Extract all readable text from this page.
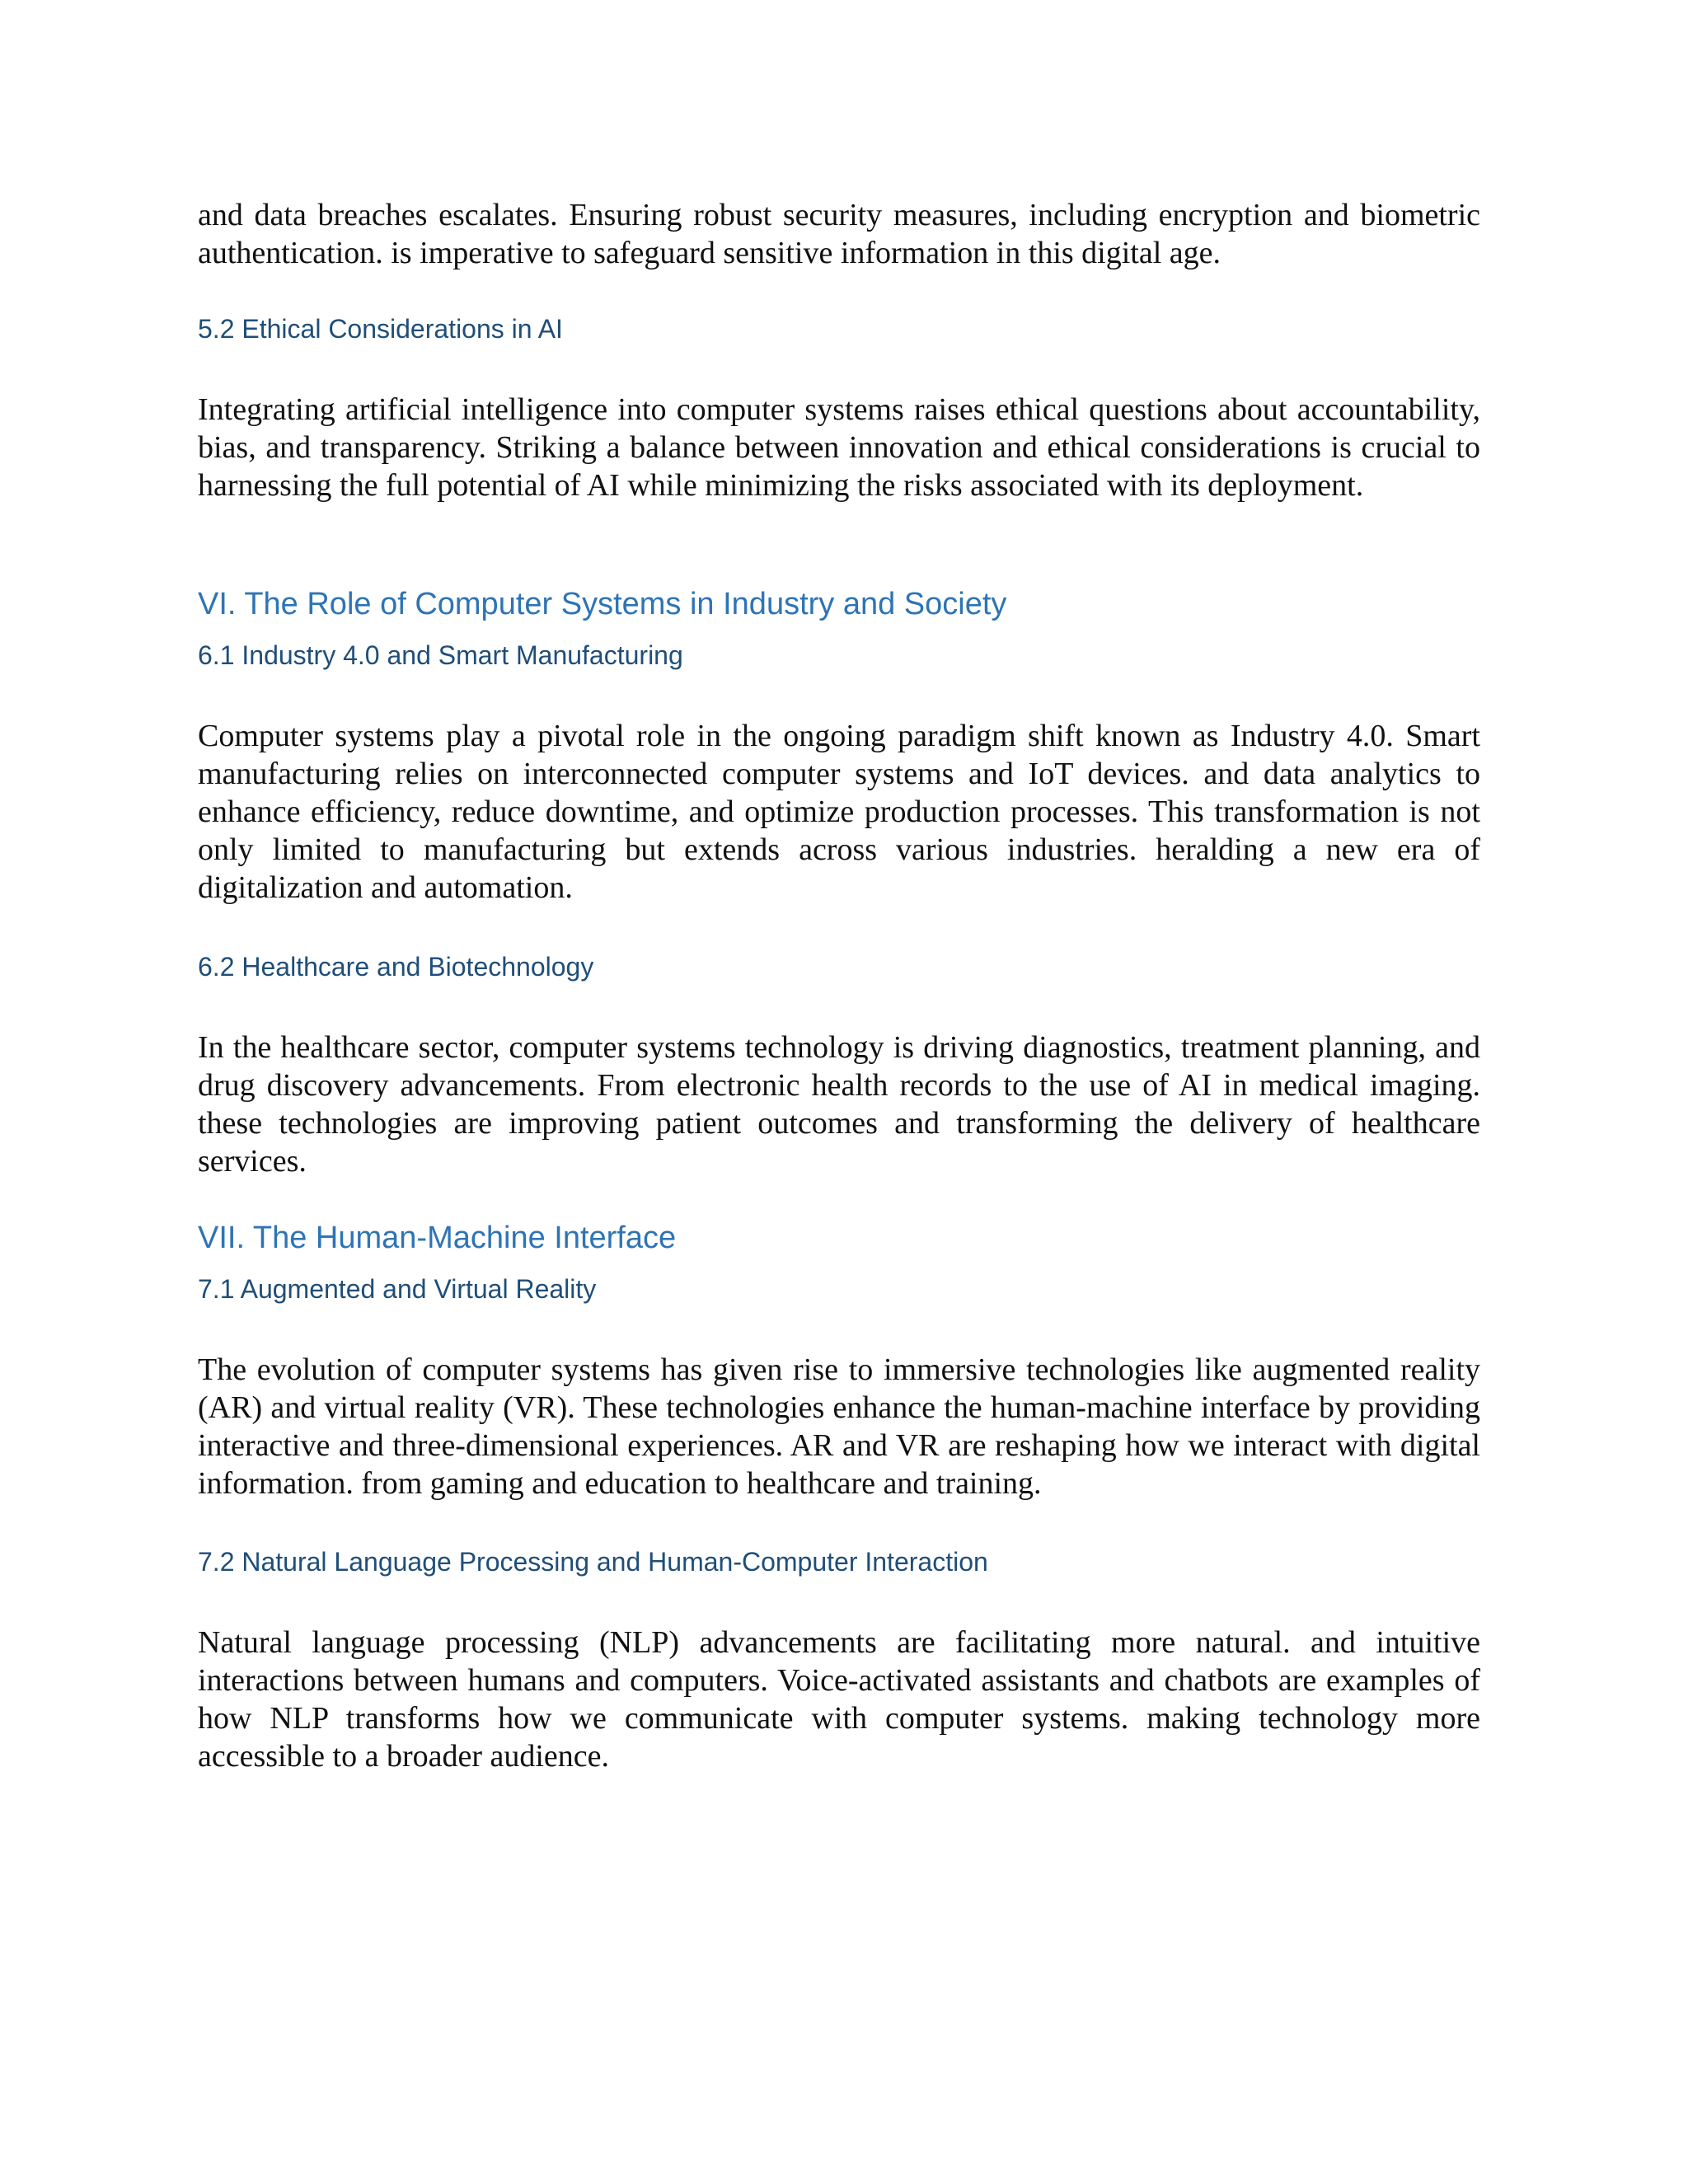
and data breaches escalates. Ensuring robust security measures, including encryption and biometric authentication. is imperative to safeguard sensitive information in this digital age.

5.2 Ethical Considerations in AI

Integrating artificial intelligence into computer systems raises ethical questions about accountability, bias, and transparency. Striking a balance between innovation and ethical considerations is crucial to harnessing the full potential of AI while minimizing the risks associated with its deployment.

VI. The Role of Computer Systems in Industry and Society
6.1 Industry 4.0 and Smart Manufacturing

Computer systems play a pivotal role in the ongoing paradigm shift known as Industry 4.0. Smart manufacturing relies on interconnected computer systems and IoT devices. and data analytics to enhance efficiency, reduce downtime, and optimize production processes. This transformation is not only limited to manufacturing but extends across various industries. heralding a new era of digitalization and automation.

6.2 Healthcare and Biotechnology

In the healthcare sector, computer systems technology is driving diagnostics, treatment planning, and drug discovery advancements. From electronic health records to the use of AI in medical imaging. these technologies are improving patient outcomes and transforming the delivery of healthcare services.

VII. The Human-Machine Interface
7.1 Augmented and Virtual Reality

The evolution of computer systems has given rise to immersive technologies like augmented reality (AR) and virtual reality (VR). These technologies enhance the human-machine interface by providing interactive and three-dimensional experiences. AR and VR are reshaping how we interact with digital information. from gaming and education to healthcare and training.

7.2 Natural Language Processing and Human-Computer Interaction

Natural language processing (NLP) advancements are facilitating more natural. and intuitive interactions between humans and computers. Voice-activated assistants and chatbots are examples of how NLP transforms how we communicate with computer systems. making technology more accessible to a broader audience.
